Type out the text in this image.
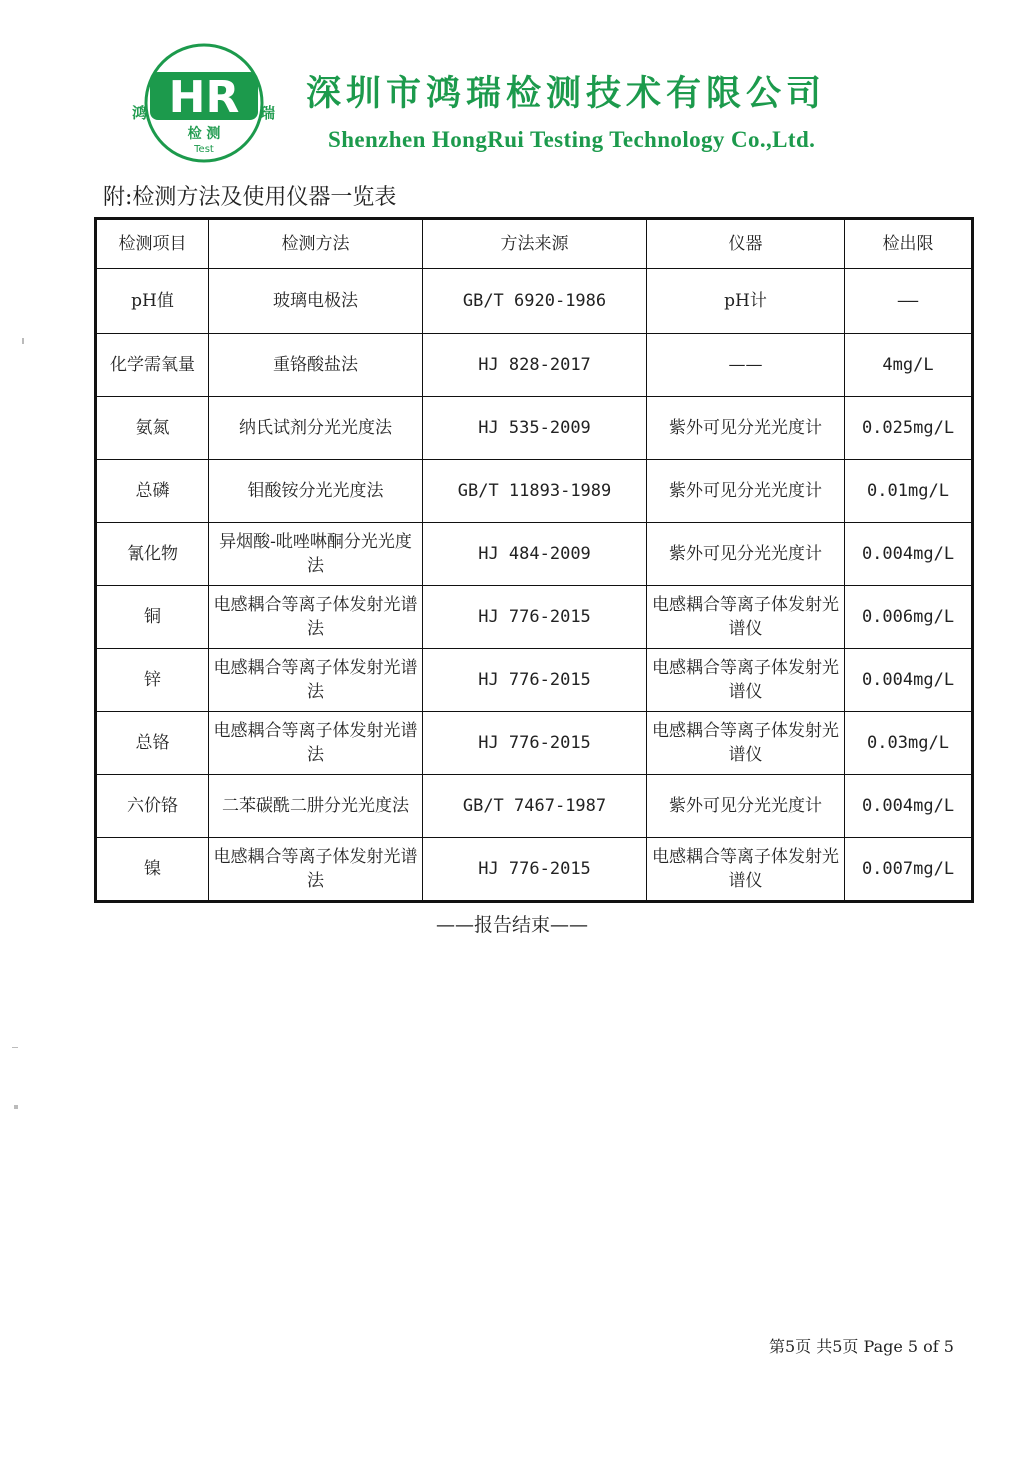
HR
鸿	瑞
检 测
Test
深圳市鸿瑞检测技术有限公司
Shenzhen HongRui Testing Technology Co.,Ltd.
附:检测方法及使用仪器一览表
检测项目	检测方法	方法来源	仪器	检出限
pH值	玻璃电极法	GB/T 6920-1986	pH计	——
化学需氧量	重铬酸盐法	HJ 828-2017	——	4mg/L
氨氮	纳氏试剂分光光度法	HJ 535-2009	紫外可见分光光度计	0.025mg/L
总磷	钼酸铵分光光度法	GB/T 11893-1989	紫外可见分光光度计	0.01mg/L
氰化物	异烟酸-吡唑啉酮分光光度法	HJ 484-2009	紫外可见分光光度计	0.004mg/L
铜	电感耦合等离子体发射光谱法	HJ 776-2015	电感耦合等离子体发射光谱仪	0.006mg/L
锌	电感耦合等离子体发射光谱法	HJ 776-2015	电感耦合等离子体发射光谱仪	0.004mg/L
总铬	电感耦合等离子体发射光谱法	HJ 776-2015	电感耦合等离子体发射光谱仪	0.03mg/L
六价铬	二苯碳酰二肼分光光度法	GB/T 7467-1987	紫外可见分光光度计	0.004mg/L
镍	电感耦合等离子体发射光谱法	HJ 776-2015	电感耦合等离子体发射光谱仪	0.007mg/L
——报告结束——
第5页 共5页 Page 5 of 5
